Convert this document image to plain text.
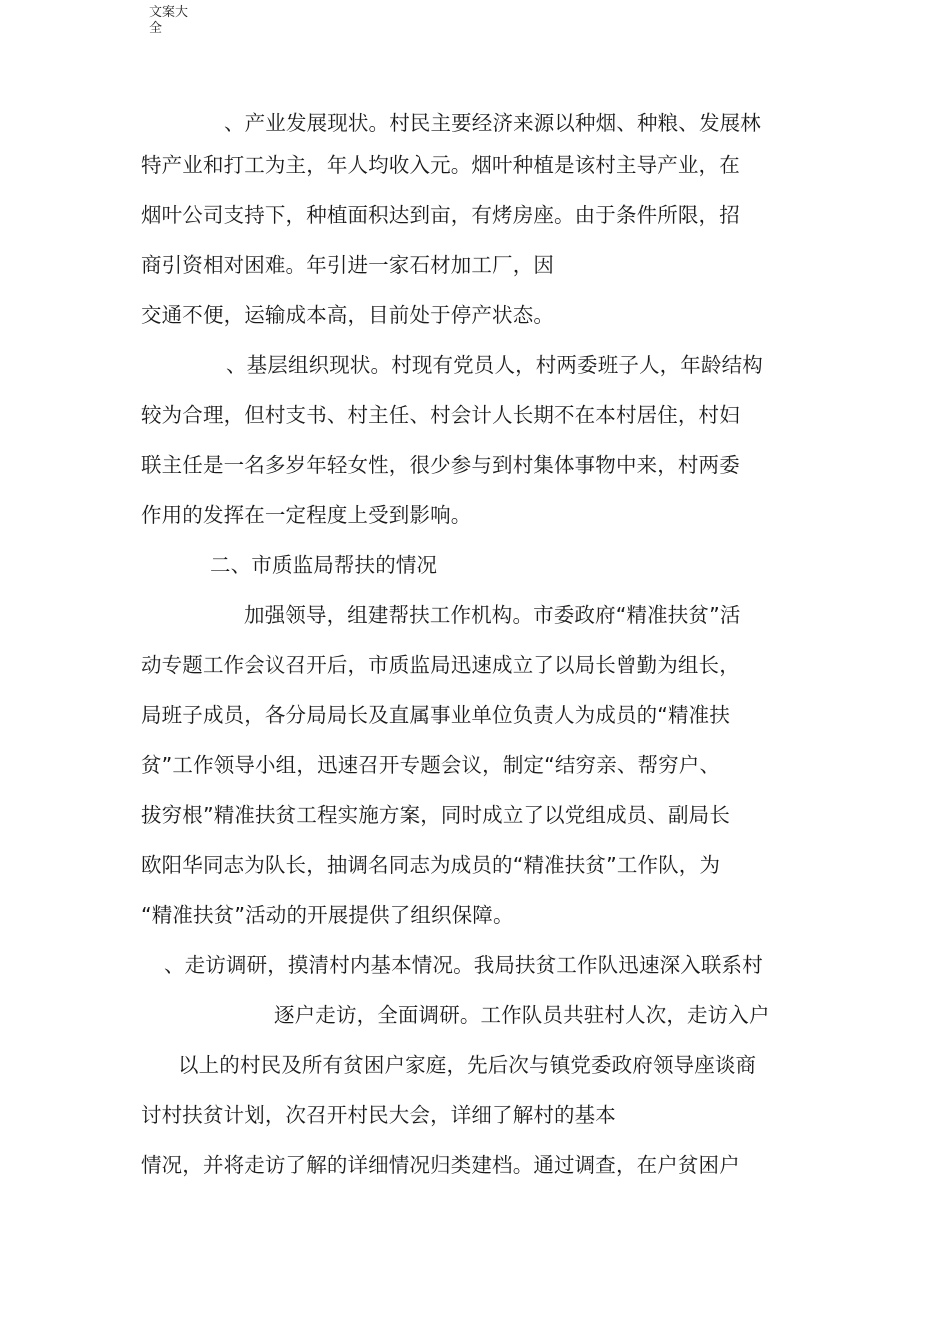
文案大
全
、产业发展现状。村民主要经济来源以种烟、种粮、发展林
特产业和打工为主，年人均收入元。烟叶种植是该村主导产业，在
烟叶公司支持下，种植面积达到亩，有烤房座。由于条件所限，招
商引资相对困难。年引进一家石材加工厂，因
交通不便，运输成本高，目前处于停产状态。
、基层组织现状。村现有党员人，村两委班子人，年龄结构
较为合理，但村支书、村主任、村会计人长期不在本村居住，村妇
联主任是一名多岁年轻女性，很少参与到村集体事物中来，村两委
作用的发挥在一定程度上受到影响。
二、市质监局帮扶的情况
加强领导，组建帮扶工作机构。市委政府“精准扶贫”活
动专题工作会议召开后，市质监局迅速成立了以局长曾勤为组长，
局班子成员，各分局局长及直属事业单位负责人为成员的“精准扶
贫”工作领导小组，迅速召开专题会议，制定“结穷亲、帮穷户、
拔穷根”精准扶贫工程实施方案，同时成立了以党组成员、副局长
欧阳华同志为队长，抽调名同志为成员的“精准扶贫”工作队，为
“精准扶贫”活动的开展提供了组织保障。
、走访调研，摸清村内基本情况。我局扶贫工作队迅速深入联系村
逐户走访，全面调研。工作队员共驻村人次，走访入户
以上的村民及所有贫困户家庭，先后次与镇党委政府领导座谈商
讨村扶贫计划，次召开村民大会，详细了解村的基本
情况，并将走访了解的详细情况归类建档。通过调查，在户贫困户
